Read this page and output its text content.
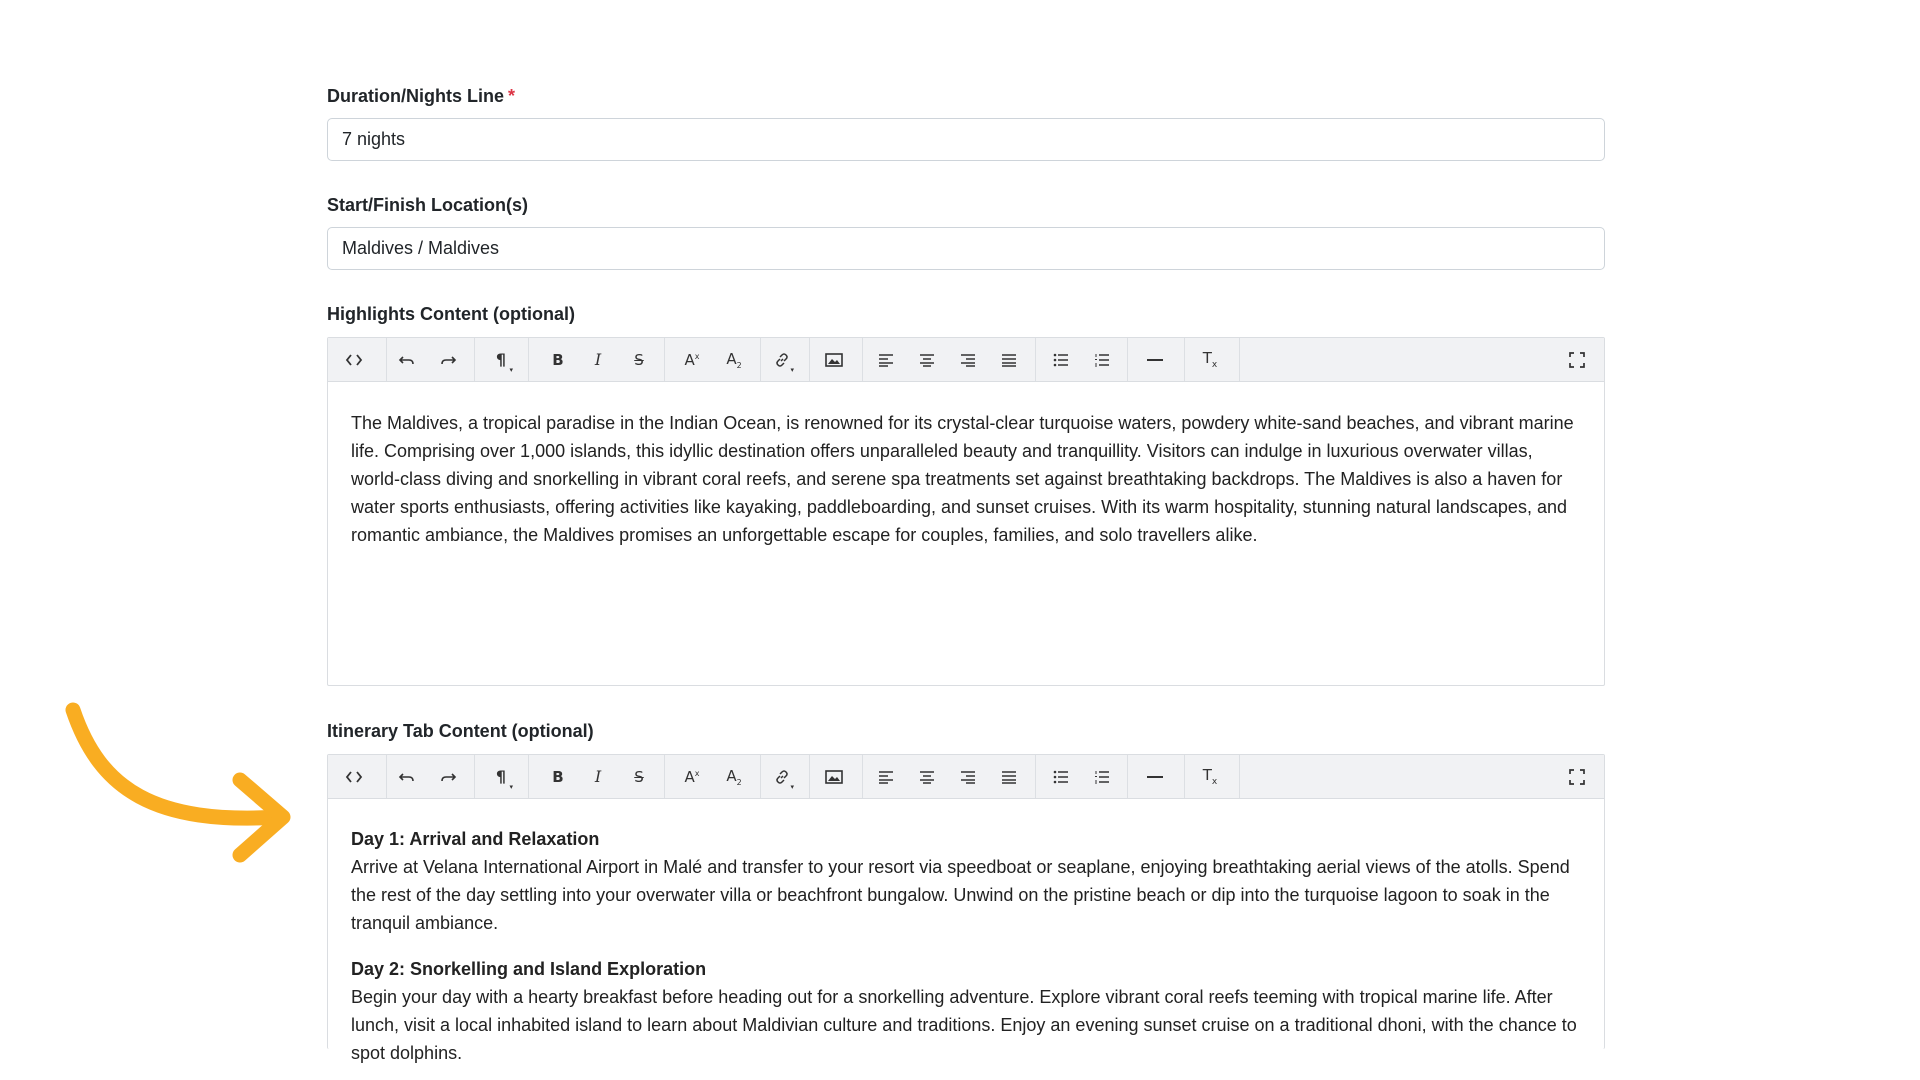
Duration/Nights Line *
7 nights
Start/Finish Location(s)
Maldives / Maldives
Highlights Content (optional)
¶
▾
B I S	$A^x$ $A_2$
▾
$T_x$

The Maldives, a tropical paradise in the Indian Ocean, is renowned for its crystal-clear turquoise waters, powdery white-sand beaches, and vibrant marine life. Comprising over 1,000 islands, this idyllic destination offers unparalleled beauty and tranquillity. Visitors can indulge in luxurious overwater villas, world-class diving and snorkelling in vibrant coral reefs, and serene spa treatments set against breathtaking backdrops. The Maldives is also a haven for water sports enthusiasts, offering activities like kayaking, paddleboarding, and sunset cruises. With its warm hospitality, stunning natural landscapes, and romantic ambiance, the Maldives promises an unforgettable escape for couples, families, and solo travellers alike.

Itinerary Tab Content (optional)
¶
▾
B I S	$A^x$ $A_2$
▾
$T_x$
Day 1: Arrival and Relaxation
Arrive at Velana International Airport in Malé and transfer to your resort via speedboat or seaplane, enjoying breathtaking aerial views of the atolls. Spend the rest of the day settling into your overwater villa or beachfront bungalow. Unwind on the pristine beach or dip into the turquoise lagoon to soak in the tranquil ambiance.
Day 2: Snorkelling and Island Exploration
Begin your day with a hearty breakfast before heading out for a snorkelling adventure. Explore vibrant coral reefs teeming with tropical marine life. After lunch, visit a local inhabited island to learn about Maldivian culture and traditions. Enjoy an evening sunset cruise on a traditional dhoni, with the chance to spot dolphins.
